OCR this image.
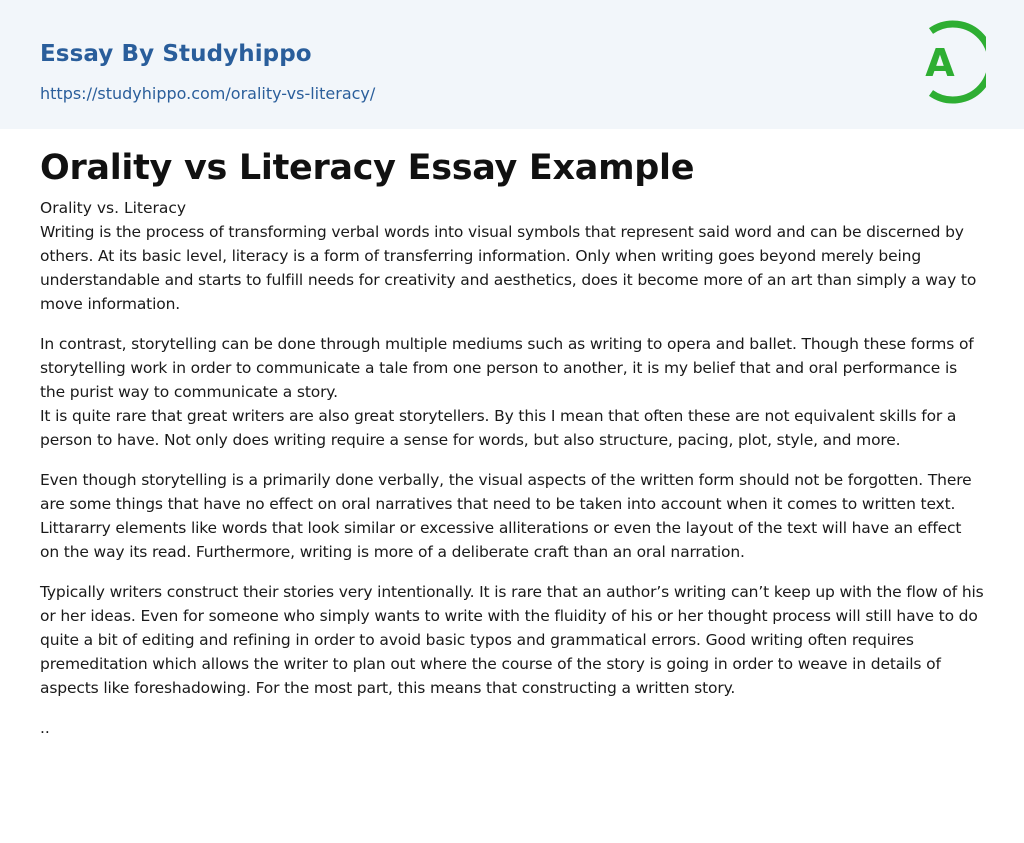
Essay By Studyhippo
https://studyhippo.com/orality-vs-literacy/
A
Orality vs Literacy Essay Example

Orality vs. Literacy

Writing is the process of transforming verbal words into visual symbols that represent said word and can be discerned by others. At its basic level, literacy is a form of transferring information. Only when writing goes beyond merely being understandable and starts to fulfill needs for creativity and aesthetics, does it become more of an art than simply a way to move information.

In contrast, storytelling can be done through multiple mediums such as writing to opera and ballet. Though these forms of storytelling work in order to communicate a tale from one person to another, it is my belief that and oral performance is the purist way to communicate a story.

It is quite rare that great writers are also great storytellers. By this I mean that often these are not equivalent skills for a person to have. Not only does writing require a sense for words, but also structure, pacing, plot, style, and more.

Even though storytelling is a primarily done verbally, the visual aspects of the written form should not be forgotten. There are some things that have no effect on oral narratives that need to be taken into account when it comes to written text. Littararry elements like words that look similar or excessive alliterations or even the layout of the text will have an effect on the way its read. Furthermore, writing is more of a deliberate craft than an oral narration.

Typically writers construct their stories very intentionally. It is rare that an author’s writing can’t keep up with the flow of his or her ideas. Even for someone who simply wants to write with the fluidity of his or her thought process will still have to do quite a bit of editing and refining in order to avoid basic typos and grammatical errors. Good writing often requires premeditation which allows the writer to plan out where the course of the story is going in order to weave in details of aspects like foreshadowing. For the most part, this means that constructing a written story.

..
